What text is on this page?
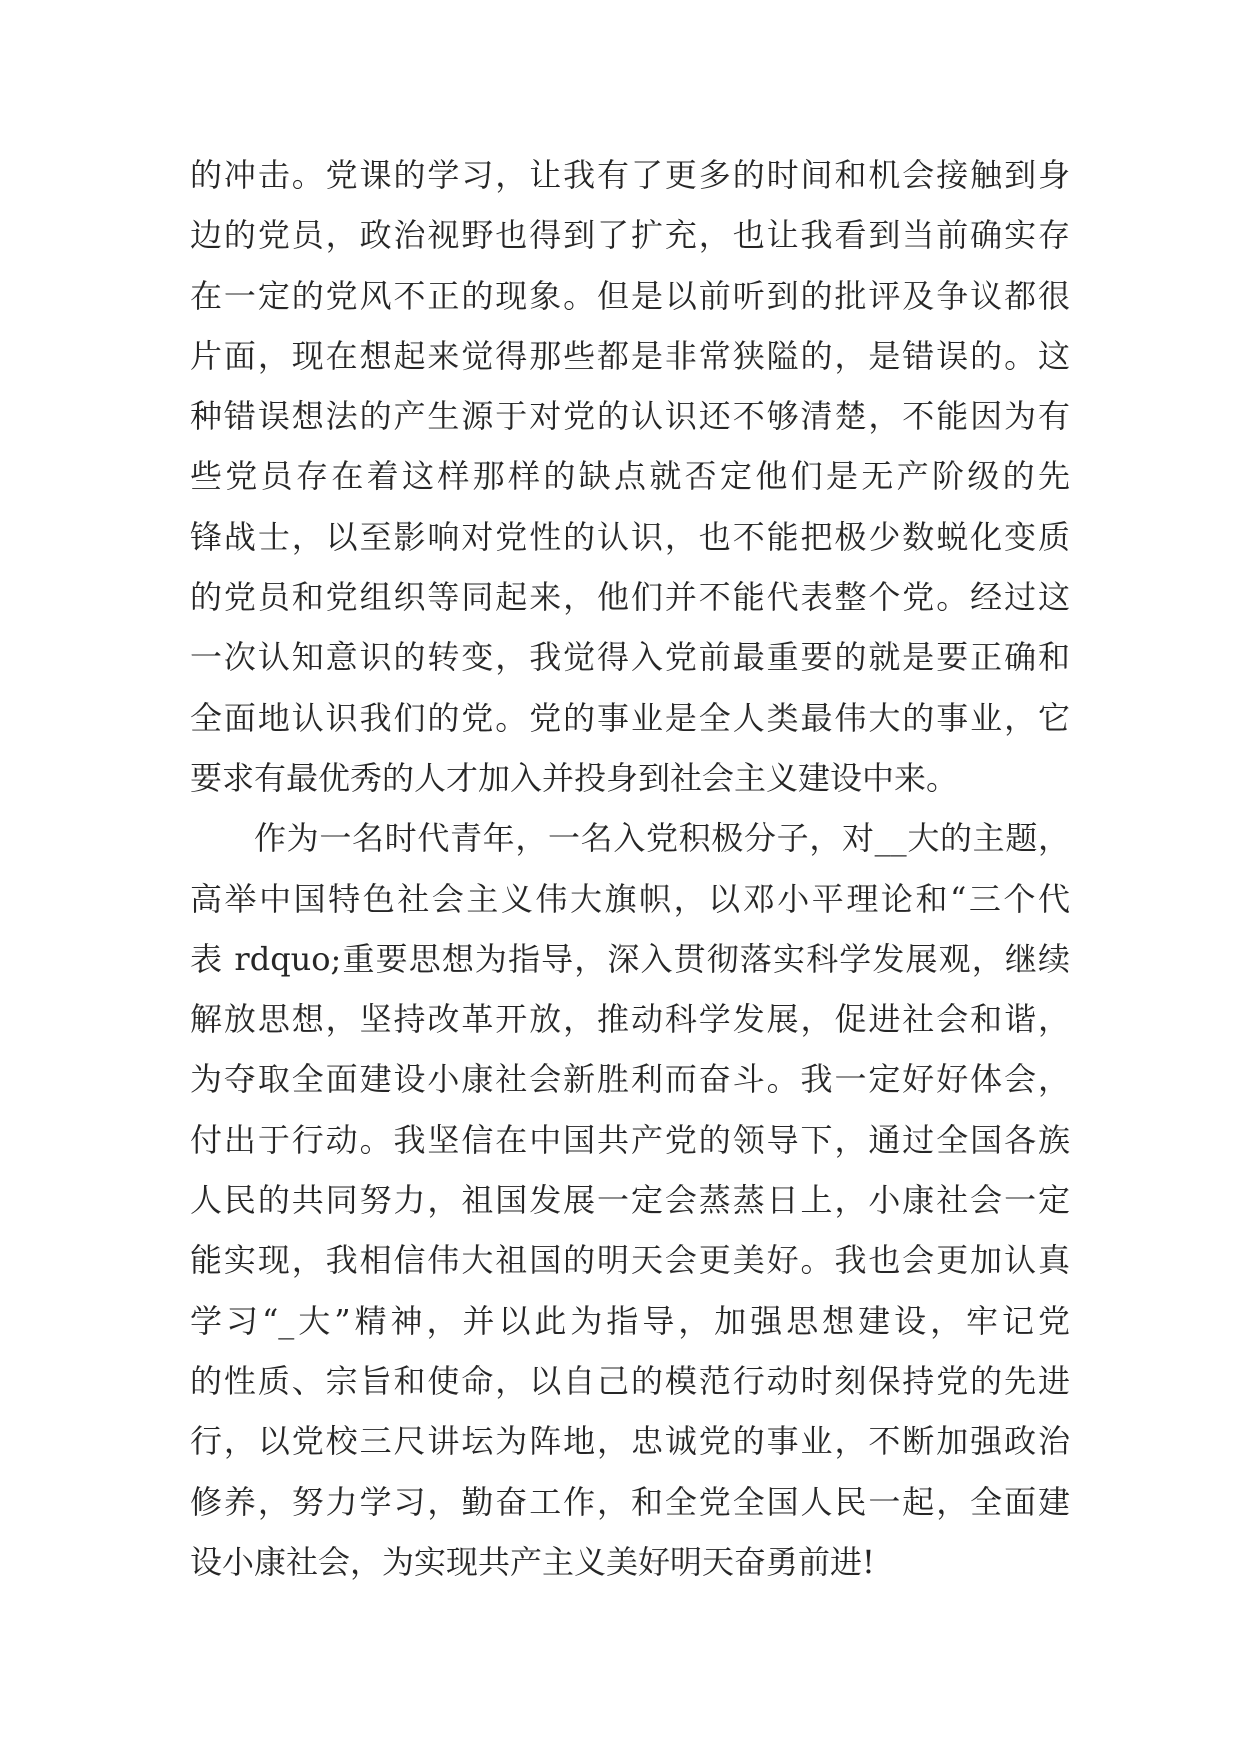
的冲击。党课的学习，让我有了更多的时间和机会接触到身
边的党员，政治视野也得到了扩充，也让我看到当前确实存
在一定的党风不正的现象。但是以前听到的批评及争议都很
片面，现在想起来觉得那些都是非常狭隘的，是错误的。这
种错误想法的产生源于对党的认识还不够清楚，不能因为有
些党员存在着这样那样的缺点就否定他们是无产阶级的先
锋战士，以至影响对党性的认识，也不能把极少数蜕化变质
的党员和党组织等同起来，他们并不能代表整个党。经过这
一次认知意识的转变，我觉得入党前最重要的就是要正确和
全面地认识我们的党。党的事业是全人类最伟大的事业，它
要求有最优秀的人才加入并投身到社会主义建设中来。
作为一名时代青年，一名入党积极分子，对__大的主题，
高举中国特色社会主义伟大旗帜，以邓小平理论和“三个代
表 rdquo;重要思想为指导，深入贯彻落实科学发展观，继续
解放思想，坚持改革开放，推动科学发展，促进社会和谐，
为夺取全面建设小康社会新胜利而奋斗。我一定好好体会，
付出于行动。我坚信在中国共产党的领导下，通过全国各族
人民的共同努力，祖国发展一定会蒸蒸日上，小康社会一定
能实现，我相信伟大祖国的明天会更美好。我也会更加认真
学习“_大”精神，并以此为指导，加强思想建设，牢记党
的性质、宗旨和使命，以自己的模范行动时刻保持党的先进
行，以党校三尺讲坛为阵地，忠诚党的事业，不断加强政治
修养，努力学习，勤奋工作，和全党全国人民一起，全面建
设小康社会，为实现共产主义美好明天奋勇前进!
